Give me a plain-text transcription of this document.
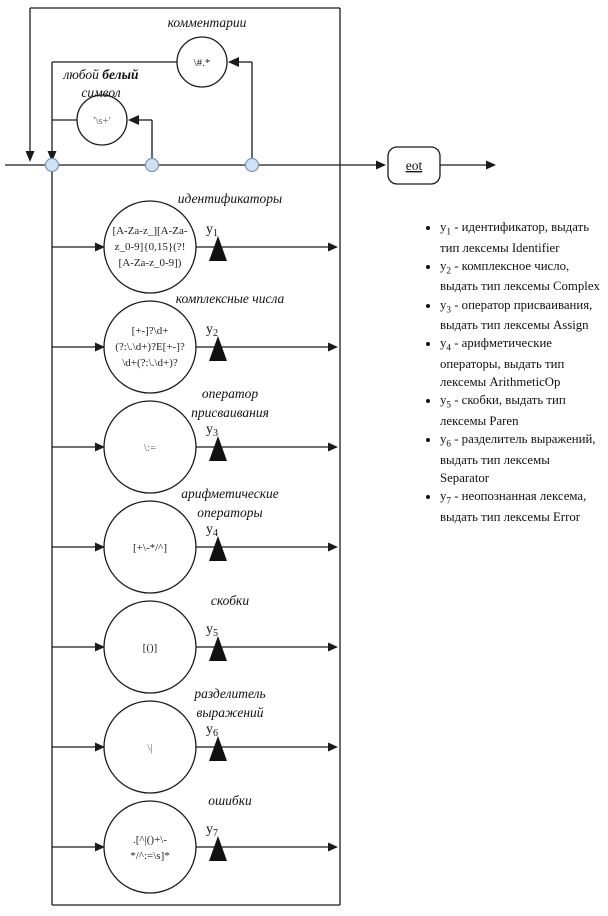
\#.*
комментарии
'\s+'
любой белый
символ
eot
[A-Za-z_][A-Za-z_0-9]{0,15}(?! [A-Za-z_0-9])
$y_1$
идентификаторы
[+-]?\d+ (?:\.\d+)?E[+-]? \d+(?:\.\d+)?
$y_2$
комплексные числа
\:=
$y_3$
оператор
присваивания
[+\-*/^]
$y_4$
арифметические
операторы
[()]
$y_5$
скобки
\|
$y_6$
разделитель
выражений
.[^|()+\-*/^:=\s]*
$y_7$
ошибки
• $y_1$ - идентификатор, выдать тип лексемы Identifier
• $y_2$ - комплексное число, выдать тип лексемы Complex
• $y_3$ - оператор присваивания, выдать тип лексемы Assign
• $y_4$ - арифметические операторы, выдать тип лексемы ArithmeticOp
• $y_5$ - скобки, выдать тип лексемы Paren
• $y_6$ - разделитель выражений, выдать тип лексемы Separator
• $y_7$ - неопознанная лексема, выдать тип лексемы Error
